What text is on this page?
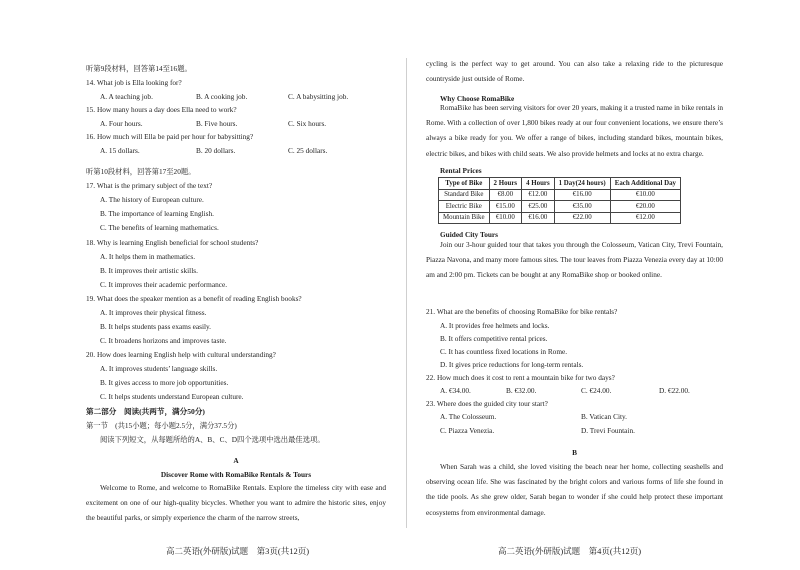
听第9段材料，回答第14至16题。
14. What job is Ella looking for?
A. A teaching job.	B. A cooking job.	C. A babysitting job.
15. How many hours a day does Ella need to work?
A. Four hours.	B. Five hours.	C. Six hours.
16. How much will Ella be paid per hour for babysitting?
A. 15 dollars.	B. 20 dollars.	C. 25 dollars.
听第10段材料，回答第17至20题。
17. What is the primary subject of the text?
A. The history of European culture.
B. The importance of learning English.
C. The benefits of learning mathematics.
18. Why is learning English beneficial for school students?
A. It helps them in mathematics.
B. It improves their artistic skills.
C. It improves their academic performance.
19. What does the speaker mention as a benefit of reading English books?
A. It improves their physical fitness.
B. It helps students pass exams easily.
C. It broadens horizons and improves taste.
20. How does learning English help with cultural understanding?
A. It improves students’ language skills.
B. It gives access to more job opportunities.
C. It helps students understand European culture.
第二部分　阅读(共两节，满分50分)
第一节　(共15小题；每小题2.5分，满分37.5分)
阅读下列短文，从每题所给的A、B、C、D四个选项中选出最佳选项。
A
Discover Rome with RomaBike Rentals & Tours
Welcome to Rome, and welcome to RomaBike Rentals. Explore the timeless city with ease and excitement on one of our high-quality bicycles. Whether you want to admire the historic sites, enjoy the beautiful parks, or simply experience the charm of the narrow streets,
高二英语(外研版)试题　第3页(共12页)
cycling is the perfect way to get around. You can also take a relaxing ride to the picturesque countryside just outside of Rome.
Why Choose RomaBike
RomaBike has been serving visitors for over 20 years, making it a trusted name in bike rentals in Rome. With a collection of over 1,800 bikes ready at our four convenient locations, we ensure there’s always a bike ready for you. We offer a range of bikes, including standard bikes, mountain bikes, electric bikes, and bikes with child seats. We also provide helmets and locks at no extra charge.
Rental Prices
Type of Bike	2 Hours	4 Hours	1 Day(24 hours)	Each Additional Day
Standard Bike	€8.00	€12.00	€16.00	€10.00
Electric Bike	€15.00	€25.00	€35.00	€20.00
Mountain Bike	€10.00	€16.00	€22.00	€12.00
Guided City Tours
Join our 3-hour guided tour that takes you through the Colosseum, Vatican City, Trevi Fountain, Piazza Navona, and many more famous sites. The tour leaves from Piazza Venezia every day at 10:00 am and 2:00 pm. Tickets can be bought at any RomaBike shop or booked online.
21. What are the benefits of choosing RomaBike for bike rentals?
A. It provides free helmets and locks.
B. It offers competitive rental prices.
C. It has countless fixed locations in Rome.
D. It gives price reductions for long-term rentals.
22. How much does it cost to rent a mountain bike for two days?
A. €34.00.	B. €32.00.	C. €24.00.	D. €22.00.
23. Where does the guided city tour start?
A. The Colosseum.	B. Vatican City.
C. Piazza Venezia.	D. Trevi Fountain.
B
When Sarah was a child, she loved visiting the beach near her home, collecting seashells and observing ocean life. She was fascinated by the bright colors and various forms of life she found in the tide pools. As she grew older, Sarah began to wonder if she could help protect these important ecosystems from environmental damage.
高二英语(外研版)试题　第4页(共12页)
